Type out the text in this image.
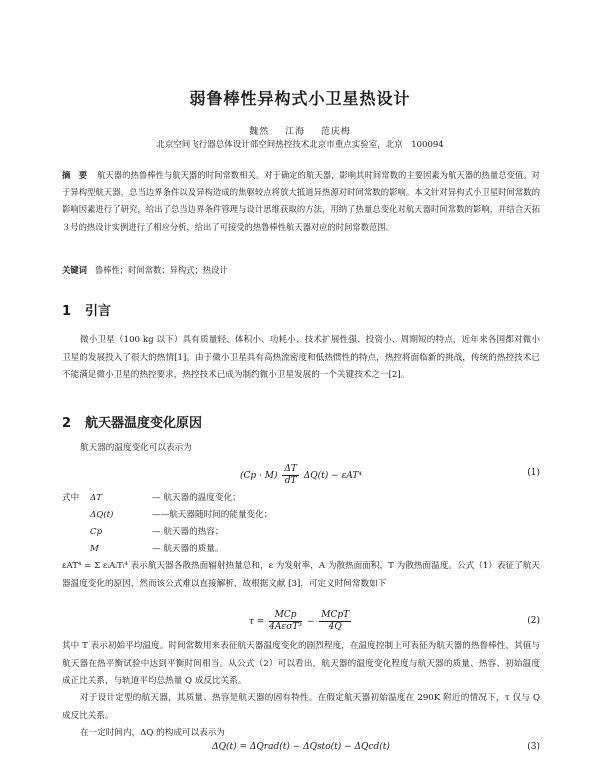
弱鲁棒性异构式小卫星热设计
魏然 江海 范庆梅
北京空间飞行器总体设计部空间热控技术北京市重点实验室，北京　100094
摘　要 航天器的热鲁棒性与航天器的时间常数相关。对于确定的航天器，影响其时间常数的主要因素为航天器的热量总变值。对于异构型航天器，总当边界条件以及异构造成的焦躯较点将放大抵道异热源对时间常数的影响。本文针对异构式小卫星时间常数的影响因素进行了研究，给出了总当边界条件管理与设计思维获取的方法，用纳了热量总变化对航天器时间常数的影响，并结合天拓３号的热设计实例进行了相应分析，给出了可接受的热鲁棒性航天器对应的时间常数范围。
关键词 鲁棒性；时间常数；异构式；热设计
1 引言
微小卫星（100 kg 以下）具有质量轻、体积小、功耗小、技术扩展性强、投资小、周期短的特点，近年来各国都对微小卫星的发展投入了很大的热情[1]。由于微小卫星具有高热流密度和低热惯性的特点，热控将面临新的挑战，传统的热控技术已不能满足微小卫星的热控要求，热控技术已成为制约微小卫星发展的一个关键技术之一[2]。
2 航天器温度变化原因
航天器的温度变化可以表示为
$(Cp \cdot M) \frac{\Delta T}{dT} \Delta Q(t) - \varepsilon AT^4$	(1)
式中 ΔT	— 航天器的温度变化；
ΔQ(t)	——航天器随时间的能量变化；
Cp	— 航天器的热容；
M	— 航天器的质量。
εAT⁴ = Σ εᵢAᵢTᵢ⁴ 表示航天器各散热面辐射热量总和，ε 为发射率，A 为散热面面积，T 为散热面温度。公式（1）表征了航天器温度变化的原因，然而该公式难以直接解析，故根据文献 [3]，可定义时间常数如下
$\tau = \frac{\text{MCp}}{\text{4AεσT³}} - \frac{\text{MCpT}}{4Q}$	(2)
其中 T 表示初始平均温度。时间常数用来表征航天器温度变化的剧烈程度，在温度控制上可表征为航天器的热鲁棒性，其值与航天器在热平衡试验中达到平衡时间相当。从公式（2）可以看出，航天器的温度变化程度与航天器的质量、热容、初始温度成正比关系，与轨道平均总热量 Q 成反比关系。
对于设计定型的航天器，其质量、热容是航天器的固有特性。在假定航天器初始温度在 290K 附近的情况下，τ 仅与 Q 成反比关系。
在一定时间内，ΔQ 的构成可以表示为
ΔQ(t) = ΔQrad(t) − ΔQsto(t) − ΔQcd(t)	(3)
